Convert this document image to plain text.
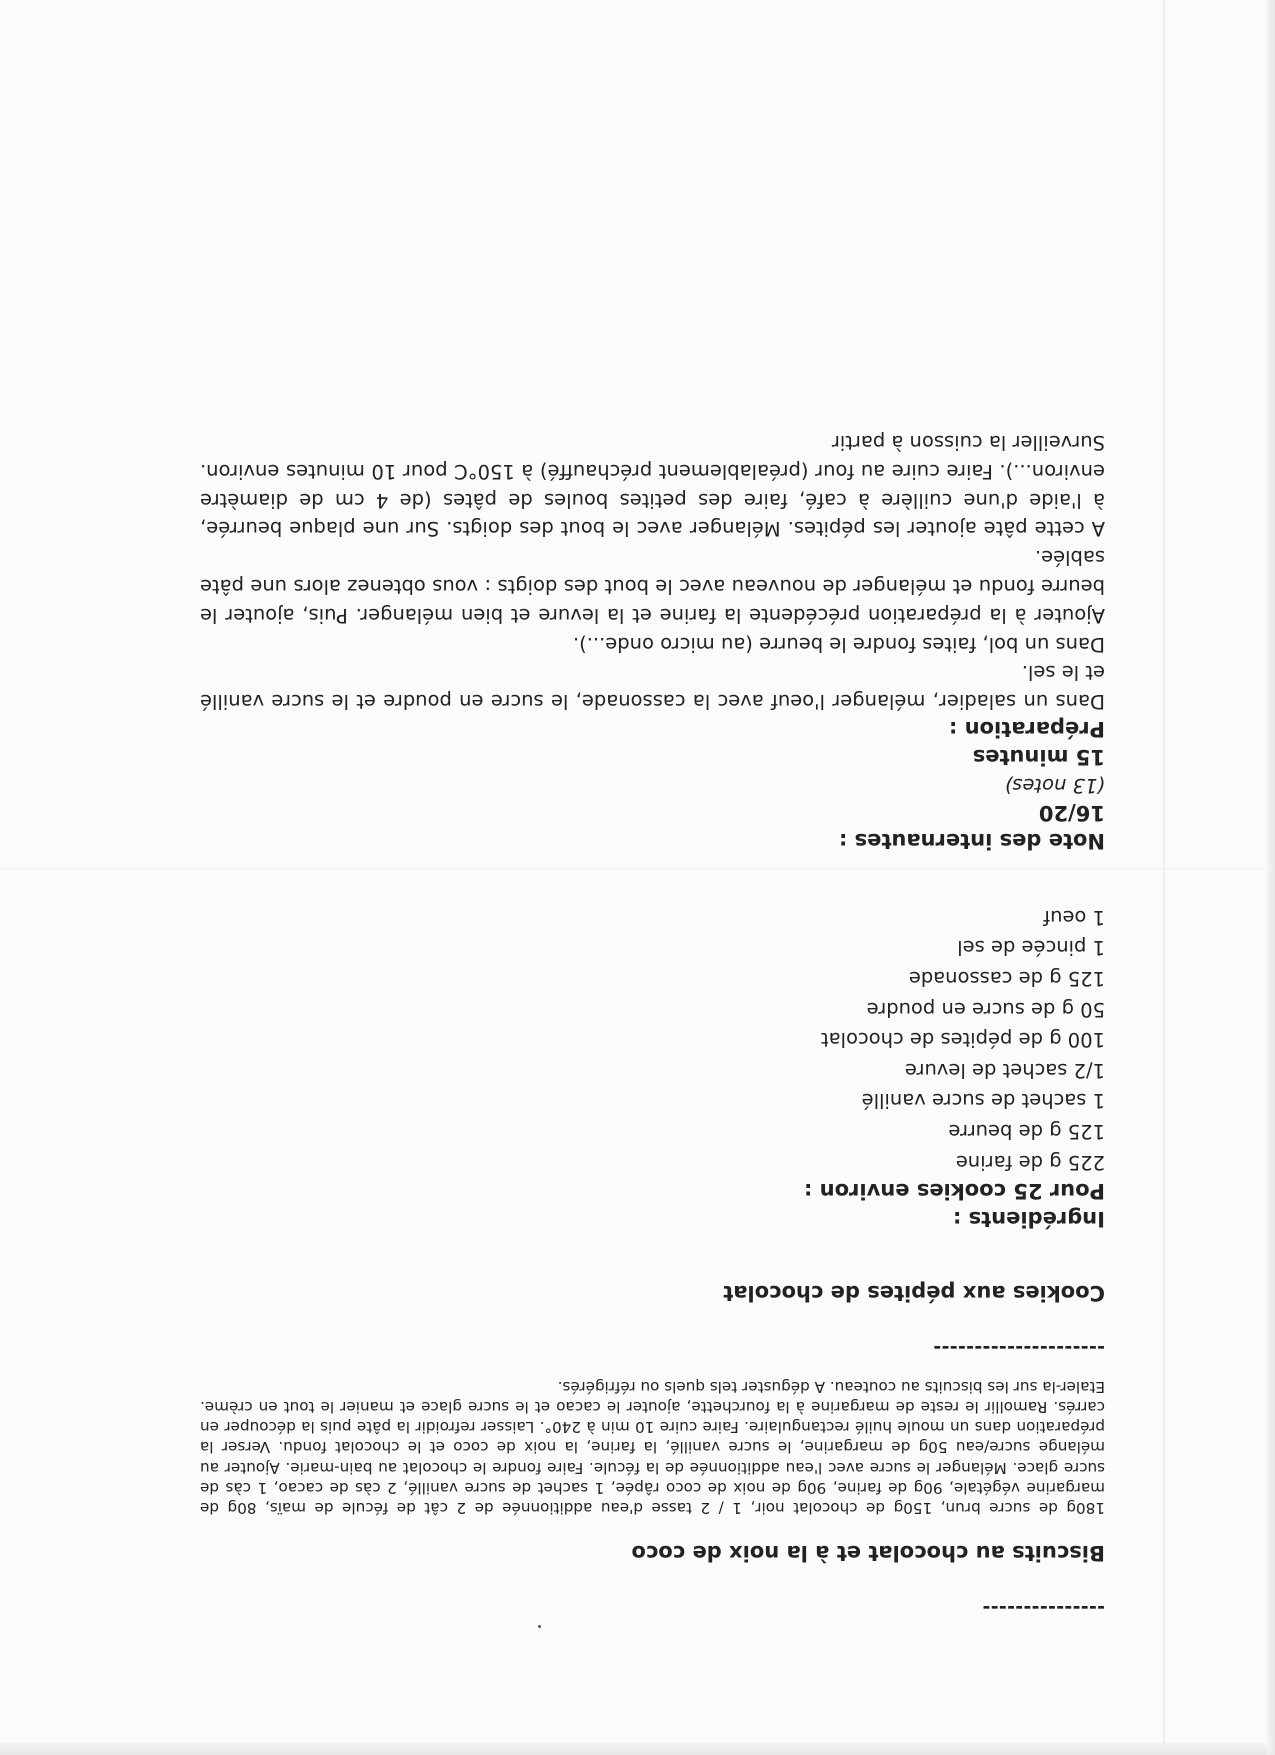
---------------
Biscuits au chocolat et à la noix de coco

180g de sucre brun, 150g de chocolat noir, 1 / 2 tasse d'eau additionnée de 2 cât de fécule de maïs, 80g de margarine végétale, 90g de farine, 90g de noix de coco râpée, 1 sachet de sucre vanillé, 2 càs de cacao, 1 càs de sucre glace. Mélanger le sucre avec l'eau additionnée de la fécule. Faire fondre le chocolat au bain-marie. Ajouter au mélange sucre/eau 50g de margarine, le sucre vanillé, la farine, la noix de coco et le chocolat fondu. Verser la préparation dans un moule huilé rectangulaire. Faire cuire 10 min à 240°. Laisser refroidir la pâte puis la découper en carrés. Ramollir le reste de margarine à la fourchette, ajouter le cacao et le sucre glace et manier le tout en crème. Etaler-la sur les biscuits au couteau. A déguster tels quels ou réfrigérés.

---------------------
Cookies aux pépites de chocolat
Ingrédients :
Pour 25 cookies environ :
225 g de farine
125 g de beurre
1 sachet de sucre vanillé
1/2 sachet de levure
100 g de pépites de chocolat
50 g de sucre en poudre
125 g de cassonade
1 pincée de sel
1 oeuf
Note des internautes :
16/20
(13 notes)
15 minutes
Préparation :

Dans un saladier, mélanger l'oeuf avec la cassonade, le sucre en poudre et le sucre vanillé et le sel.
Dans un bol, faites fondre le beurre (au micro onde...).
Ajouter à la préparation précédente la farine et la levure et bien mélanger. Puis, ajouter le beurre fondu et mélanger de nouveau avec le bout des doigts : vous obtenez alors une pâte sablée.
A cette pâte ajouter les pépites. Mélanger avec le bout des doigts. Sur une plaque beurrée, à l'aide d'une cuillère à café, faire des petites boules de pâtes (de 4 cm de diamètre environ...). Faire cuire au four (préalablement préchauffé) à 150°C pour 10 minutes environ. Surveiller la cuisson à partir
